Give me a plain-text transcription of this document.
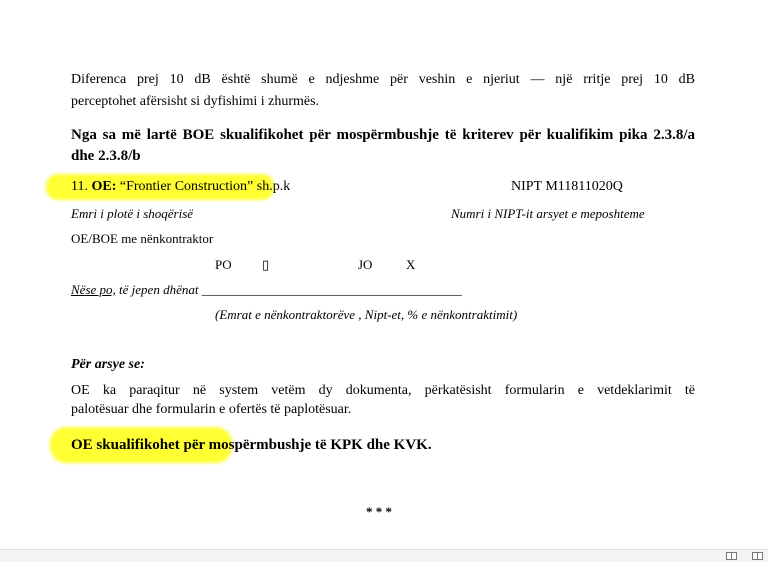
Diferenca prej 10 dB është shumë e ndjeshme për veshin e njeriut — një rritje prej 10 dB
perceptohet afërsisht si dyfishimi i zhurmës.
Nga sa më lartë BOE skualifikohet për mospërmbushje të kriterev për kualifikim pika 2.3.8/a
dhe 2.3.8/b
11. OE: “Frontier Construction” sh.p.k	NIPT M11811020Q
Emri i plotë i shoqërisë	Numri i NIPT-it arsyet e meposhteme
OE/BOE me nënkontraktor
PO ▯	JO	X
Nëse po, të jepen dhënat ________________________________________
(Emrat e nënkontraktorëve , Nipt-et, % e nënkontraktimit)
Për arsye se:
OE ka paraqitur në system vetëm dy dokumenta, përkatësisht formularin e vetdeklarimit të
palotësuar dhe formularin e ofertës të paplotësuar.
OE skualifikohet për mospërmbushje të KPK dhe KVK.
* * *
